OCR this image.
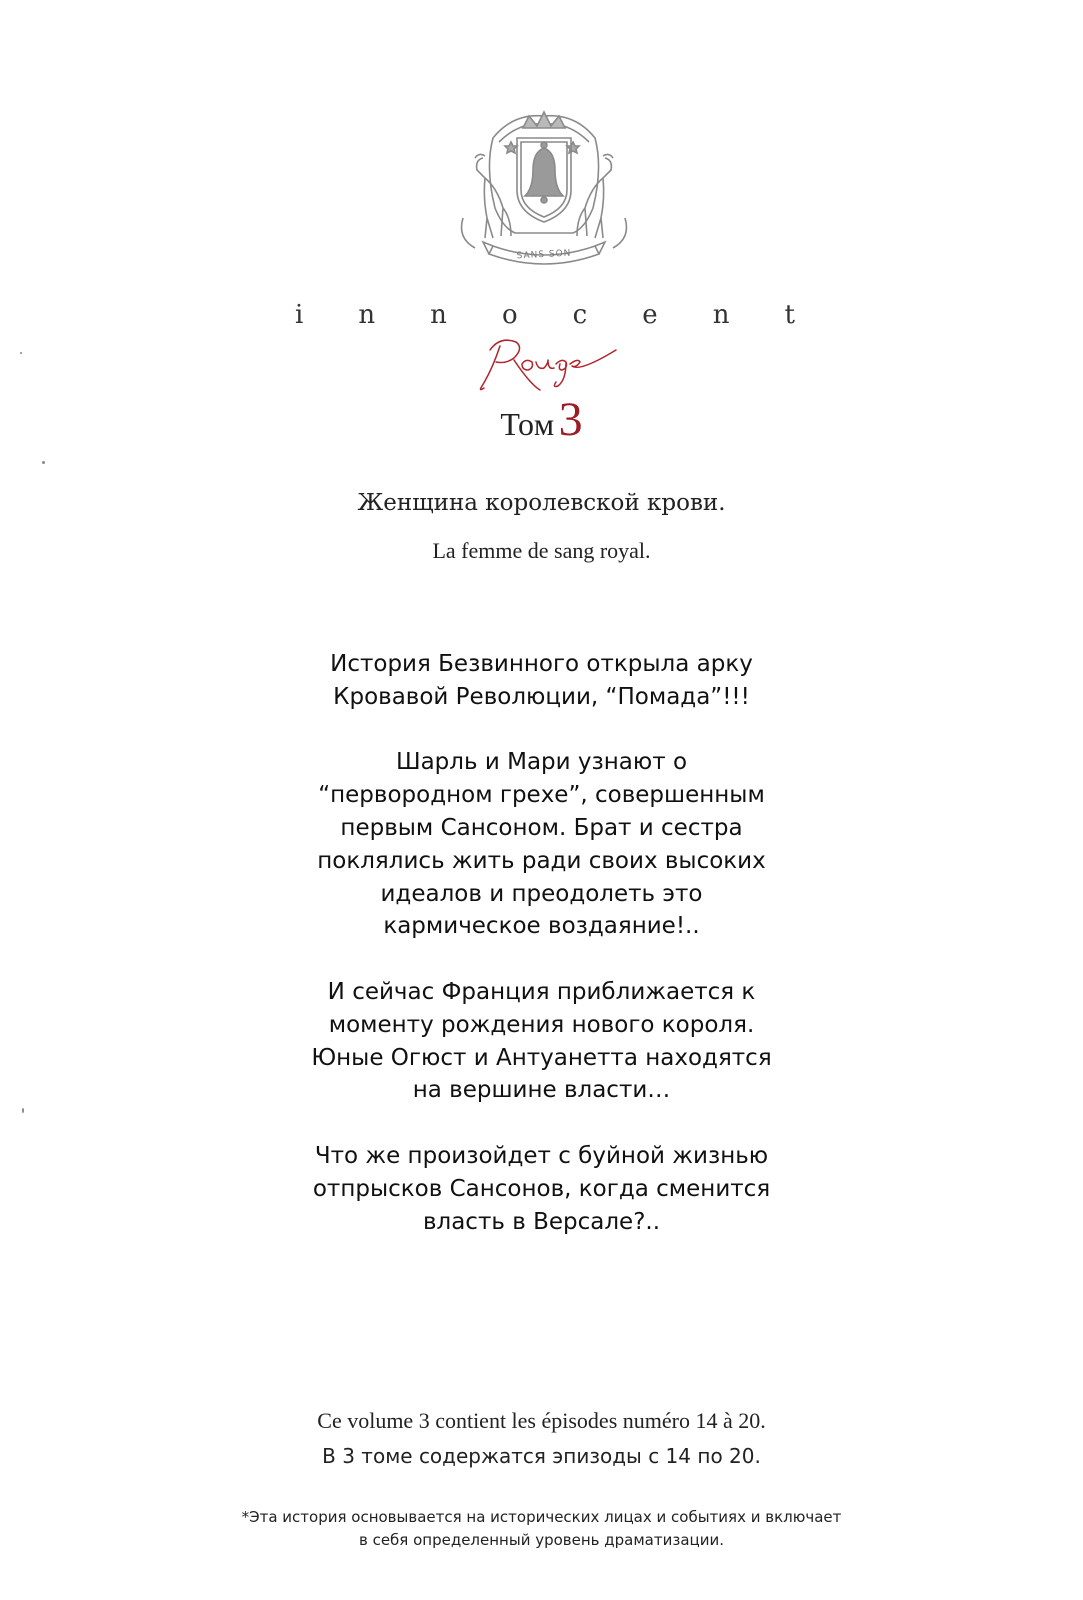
SANS SON
i n n o c e n t
Том3
Женщина королевской крови.
La femme de sang royal.

История Безвинного открыла арку
Кровавой Революции, “Помада”!!!

Шарль и Мари узнают о
“первородном грехе”, совершенным
первым Сансоном. Брат и сестра
поклялись жить ради своих высоких
идеалов и преодолеть это
кармическое воздаяние!..

И сейчас Франция приближается к
моменту рождения нового короля.
Юные Огюст и Антуанетта находятся
на вершине власти…

Что же произойдет с буйной жизнью
отпрысков Сансонов, когда сменится
власть в Версале?..

Ce volume 3 contient les épisodes numéro 14 à 20.
В 3 томе содержатся эпизоды с 14 по 20.
*Эта история основывается на исторических лицах и событиях и включает
в себя определенный уровень драматизации.
